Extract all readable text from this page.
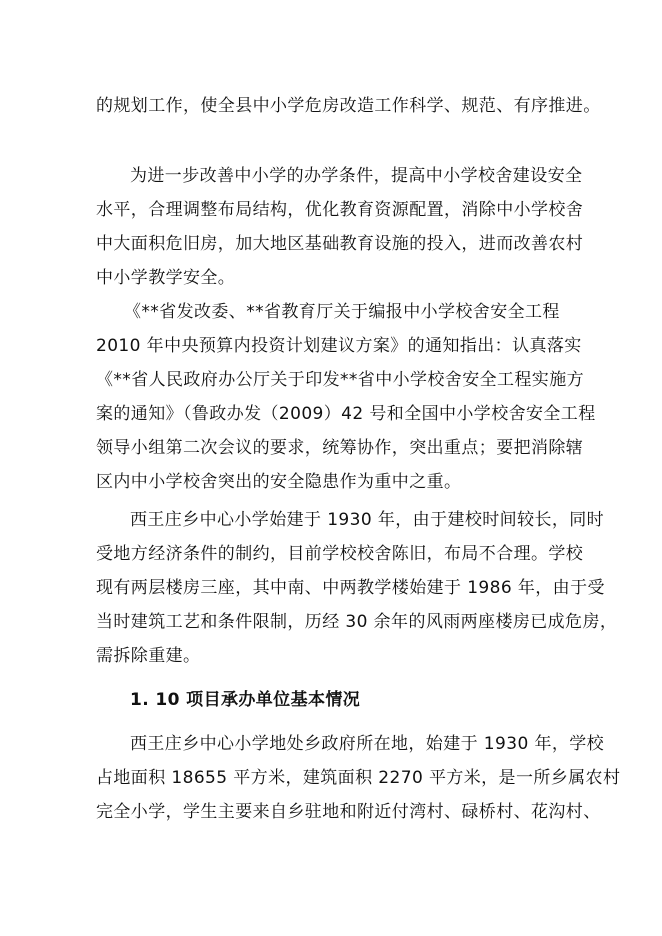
的规划工作，使全县中小学危房改造工作科学、规范、有序推进。
为进一步改善中小学的办学条件，提高中小学校舍建设安全
水平，合理调整布局结构，优化教育资源配置，消除中小学校舍
中大面积危旧房，加大地区基础教育设施的投入，进而改善农村
中小学教学安全。
《**省发改委、**省教育厅关于编报中小学校舍安全工程
2010 年中央预算内投资计划建议方案》的通知指出：认真落实
《**省人民政府办公厅关于印发**省中小学校舍安全工程实施方
案的通知》（鲁政办发（2009）42 号和全国中小学校舍安全工程
领导小组第二次会议的要求，统筹协作，突出重点；要把消除辖
区内中小学校舍突出的安全隐患作为重中之重。
西王庄乡中心小学始建于 1930 年，由于建校时间较长，同时
受地方经济条件的制约，目前学校校舍陈旧，布局不合理。学校
现有两层楼房三座，其中南、中两教学楼始建于 1986 年，由于受
当时建筑工艺和条件限制，历经 30 余年的风雨两座楼房已成危房，
需拆除重建。
1. 10 项目承办单位基本情况
西王庄乡中心小学地处乡政府所在地，始建于 1930 年，学校
占地面积 18655 平方米，建筑面积 2270 平方米，是一所乡属农村
完全小学，学生主要来自乡驻地和附近付湾村、碌桥村、花沟村、
